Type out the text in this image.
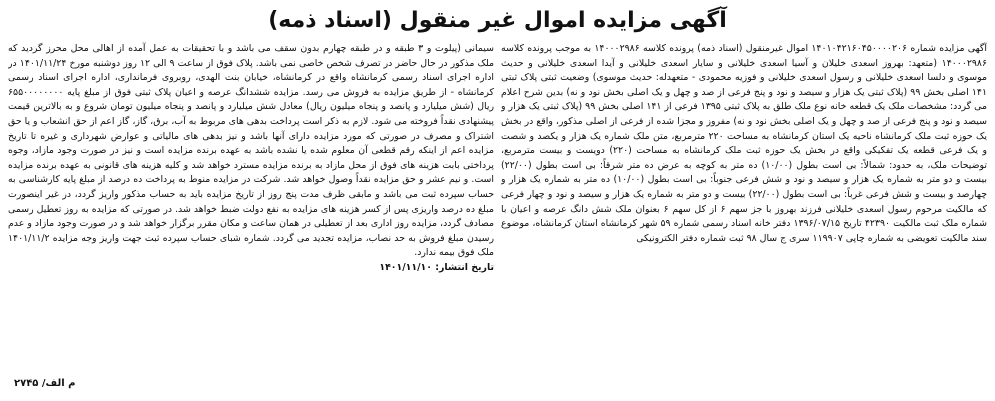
آگهی مزایده اموال غیر منقول (اسناد ذمه)

آگهی مزایده شماره ۱۴۰۱۰۴۲۱۶۰۴۵۰۰۰۰۲۰۶ اموال غیرمنقول (اسناد ذمه) پرونده کلاسه ۱۴۰۰۰۲۹۸۶ به موجب پرونده کلاسه ۱۴۰۰۰۲۹۸۶ (متعهد: بهروز اسعدی خلیلان و آسیا اسعدی خلیلانی و سایار اسعدی خلیلانی و آیدا اسعدی خلیلانی و حدیث موسوی و دلسا اسعدی خلیلانی و رسول اسعدی خلیلانی و فوزیه محمودی - متعهدله: حدیث موسوی) وضعیت ثبتی پلاک ثبتی ۱۴۱ اصلی بخش ۹۹ (پلاک ثبتی یک هزار و سیصد و نود و پنج فرعی از صد و چهل و یک اصلی بخش نود و نه) بدین شرح اعلام می گردد: مشخصات ملک یک قطعه خانه نوع ملک طلق به پلاک ثبتی ۱۳۹۵ فرعی از ۱۴۱ اصلی بخش ۹۹ (پلاک ثبتی یک هزار و سیصد و نود و پنج فرعی از صد و چهل و یک اصلی بخش نود و نه) مفروز و مجزا شده از فرعی از اصلی مذکور، واقع در بخش یک حوزه ثبت ملک کرمانشاه ناحیه یک استان کرمانشاه به مساحت ۲۲۰ مترمربع، متن ملک شماره یک هزار و یکصد و شصت و یک فرعی قطعه یک تفکیکی واقع در بخش یک حوزه ثبت ملک کرمانشاه به مساحت (۲۲۰) دویست و بیست مترمربع، توضیحات ملک، به حدود: شمالاً: بی است بطول (۱۰/۰۰) ده متر به کوچه به عرض ده متر شرقاً: بی است بطول (۲۲/۰۰) بیست و دو متر به شماره یک هزار و سیصد و نود و شش فرعی جنوباً: بی است بطول (۱۰/۰۰) ده متر به شماره یک هزار و چهارصد و بیست و شش فرعی غرباً: بی است بطول (۲۲/۰۰) بیست و دو متر به شماره یک هزار و سیصد و نود و چهار فرعی که مالکیت مرحوم رسول اسعدی خلیلانی فرزند بهروز با جز سهم ۶ از کل سهم ۶ بعنوان ملک شش دانگ عرصه و اعیان با شماره ملک ثبت مالکیت ۴۲۳۹۰ تاریخ ۱۳۹۶/۰۷/۱۵ دفتر خانه اسناد رسمی شماره ۵۹ شهر کرمانشاه استان کرمانشاه، موضوع سند مالکیت تعویضی به شماره چاپی ۱۱۹۹۰۷ سری ج سال ۹۸ ثبت شماره دفتر الکترونیکی

سیمانی (پیلوت و ۳ طبقه و در طبقه چهارم بدون سقف می باشد و با تحقیقات به عمل آمده از اهالی محل محرز گردید که ملک مذکور در حال حاضر در تصرف شخص خاصی نمی باشد. پلاک فوق از ساعت ۹ الی ۱۲ روز دوشنبه مورخ ۱۴۰۱/۱۱/۲۴ در اداره اجرای اسناد رسمی کرمانشاه واقع در کرمانشاه، خیابان بنت الهدی، روبروی فرمانداری، اداره اجرای اسناد رسمی کرمانشاه - از طریق مزایده به فروش می رسد. مزایده ششدانگ عرصه و اعیان پلاک ثبتی فوق از مبلغ پایه ۶۵۵۰۰۰۰۰۰۰۰ ریال (شش میلیارد و پانصد و پنجاه میلیون ریال) معادل شش میلیارد و پانصد و پنجاه میلیون تومان شروع و به بالاترین قیمت پیشنهادی نقداً فروخته می شود. لازم به ذکر است پرداخت بدهی های مربوط به آب، برق، گاز، گاز اعم از حق انشعاب و یا حق اشتراک و مصرف در صورتی که مورد مزایده دارای آنها باشد و نیز بدهی های مالیاتی و عوارض شهرداری و غیره تا تاریخ مزایده اعم از اینکه رقم قطعی آن معلوم شده یا نشده باشد به عهده برنده مزایده است و نیز در صورت وجود مازاد، وجوه پرداختی بابت هزینه های فوق از محل مازاد به برنده مزایده مسترد خواهد شد و کلیه هزینه های قانونی به عهده برنده مزایده است. و نیم عشر و حق مزایده نقداً وصول خواهد شد. شرکت در مزایده منوط به پرداخت ده درصد از مبلغ پایه کارشناسی به حساب سپرده ثبت می باشد و مابقی ظرف مدت پنج روز از تاریخ مزایده باید به حساب مذکور واریز گردد، در غیر اینصورت مبلغ ده درصد واریزی پس از کسر هزینه های مزایده به نفع دولت ضبط خواهد شد. در صورتی که مزایده به روز تعطیل رسمی مصادف گردد، مزایده روز اداری بعد از تعطیلی در همان ساعت و مکان مقرر برگزار خواهد شد و در صورت وجود مازاد و عدم رسیدن مبلغ فروش به حد نصاب، مزایده تجدید می گردد. شماره شبای حساب سپرده ثبت جهت واریز وجه مزایده ۱۴۰۱/۱۱/۲ ملک فوق بیمه ندارد.

تاریخ انتشار: ۱۴۰۱/۱۱/۱۰

م الف/ ۲۷۴۵
